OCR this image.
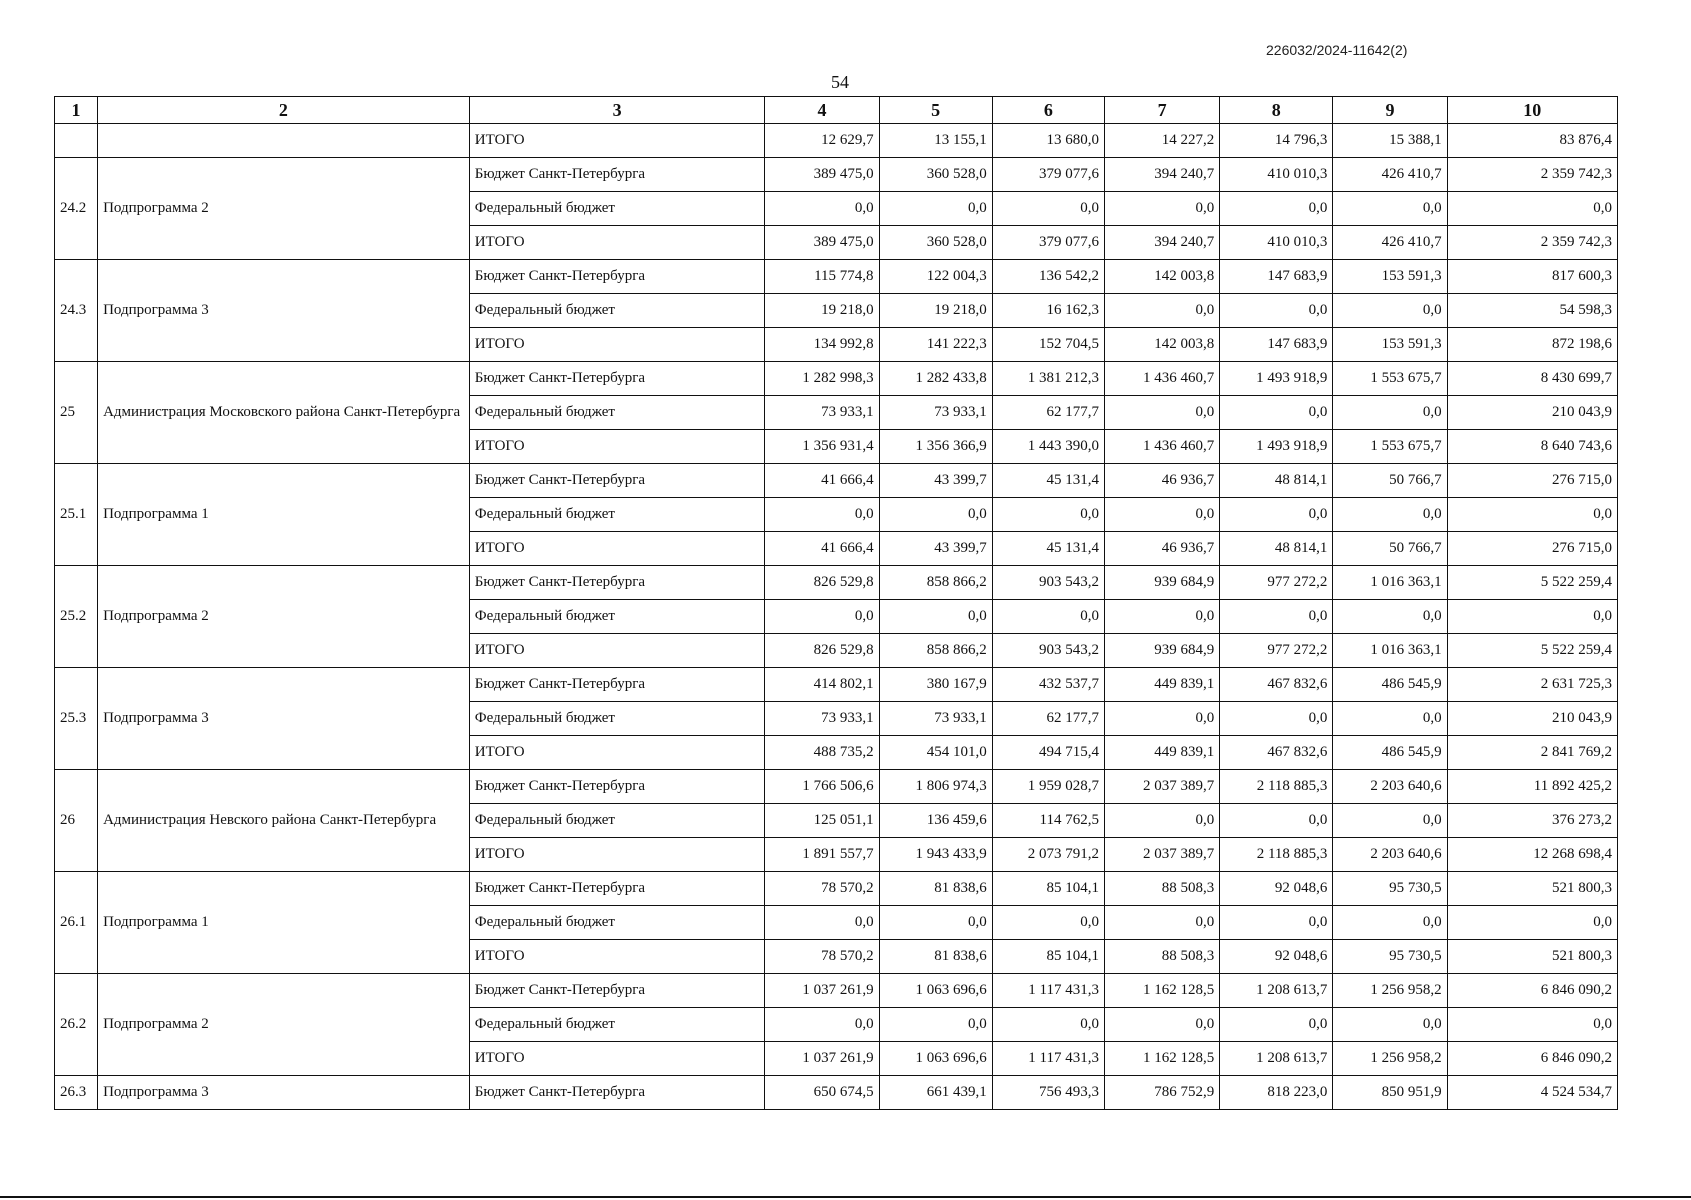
226032/2024-11642(2)
54
1	2	3	4	5	6	7	8	9	10
		ИТОГО	12 629,7	13 155,1	13 680,0	14 227,2	14 796,3	15 388,1	83 876,4
24.2	Подпрограмма 2	Бюджет Санкт-Петербурга	389 475,0	360 528,0	379 077,6	394 240,7	410 010,3	426 410,7	2 359 742,3
		Федеральный бюджет	0,0	0,0	0,0	0,0	0,0	0,0	0,0
		ИТОГО	389 475,0	360 528,0	379 077,6	394 240,7	410 010,3	426 410,7	2 359 742,3
24.3	Подпрограмма 3	Бюджет Санкт-Петербурга	115 774,8	122 004,3	136 542,2	142 003,8	147 683,9	153 591,3	817 600,3
		Федеральный бюджет	19 218,0	19 218,0	16 162,3	0,0	0,0	0,0	54 598,3
		ИТОГО	134 992,8	141 222,3	152 704,5	142 003,8	147 683,9	153 591,3	872 198,6
25	Администрация Московского района Санкт-Петербурга	Бюджет Санкт-Петербурга	1 282 998,3	1 282 433,8	1 381 212,3	1 436 460,7	1 493 918,9	1 553 675,7	8 430 699,7
		Федеральный бюджет	73 933,1	73 933,1	62 177,7	0,0	0,0	0,0	210 043,9
		ИТОГО	1 356 931,4	1 356 366,9	1 443 390,0	1 436 460,7	1 493 918,9	1 553 675,7	8 640 743,6
25.1	Подпрограмма 1	Бюджет Санкт-Петербурга	41 666,4	43 399,7	45 131,4	46 936,7	48 814,1	50 766,7	276 715,0
		Федеральный бюджет	0,0	0,0	0,0	0,0	0,0	0,0	0,0
		ИТОГО	41 666,4	43 399,7	45 131,4	46 936,7	48 814,1	50 766,7	276 715,0
25.2	Подпрограмма 2	Бюджет Санкт-Петербурга	826 529,8	858 866,2	903 543,2	939 684,9	977 272,2	1 016 363,1	5 522 259,4
		Федеральный бюджет	0,0	0,0	0,0	0,0	0,0	0,0	0,0
		ИТОГО	826 529,8	858 866,2	903 543,2	939 684,9	977 272,2	1 016 363,1	5 522 259,4
25.3	Подпрограмма 3	Бюджет Санкт-Петербурга	414 802,1	380 167,9	432 537,7	449 839,1	467 832,6	486 545,9	2 631 725,3
		Федеральный бюджет	73 933,1	73 933,1	62 177,7	0,0	0,0	0,0	210 043,9
		ИТОГО	488 735,2	454 101,0	494 715,4	449 839,1	467 832,6	486 545,9	2 841 769,2
26	Администрация Невского района Санкт-Петербурга	Бюджет Санкт-Петербурга	1 766 506,6	1 806 974,3	1 959 028,7	2 037 389,7	2 118 885,3	2 203 640,6	11 892 425,2
		Федеральный бюджет	125 051,1	136 459,6	114 762,5	0,0	0,0	0,0	376 273,2
		ИТОГО	1 891 557,7	1 943 433,9	2 073 791,2	2 037 389,7	2 118 885,3	2 203 640,6	12 268 698,4
26.1	Подпрограмма 1	Бюджет Санкт-Петербурга	78 570,2	81 838,6	85 104,1	88 508,3	92 048,6	95 730,5	521 800,3
		Федеральный бюджет	0,0	0,0	0,0	0,0	0,0	0,0	0,0
		ИТОГО	78 570,2	81 838,6	85 104,1	88 508,3	92 048,6	95 730,5	521 800,3
26.2	Подпрограмма 2	Бюджет Санкт-Петербурга	1 037 261,9	1 063 696,6	1 117 431,3	1 162 128,5	1 208 613,7	1 256 958,2	6 846 090,2
		Федеральный бюджет	0,0	0,0	0,0	0,0	0,0	0,0	0,0
		ИТОГО	1 037 261,9	1 063 696,6	1 117 431,3	1 162 128,5	1 208 613,7	1 256 958,2	6 846 090,2
26.3	Подпрограмма 3	Бюджет Санкт-Петербурга	650 674,5	661 439,1	756 493,3	786 752,9	818 223,0	850 951,9	4 524 534,7
